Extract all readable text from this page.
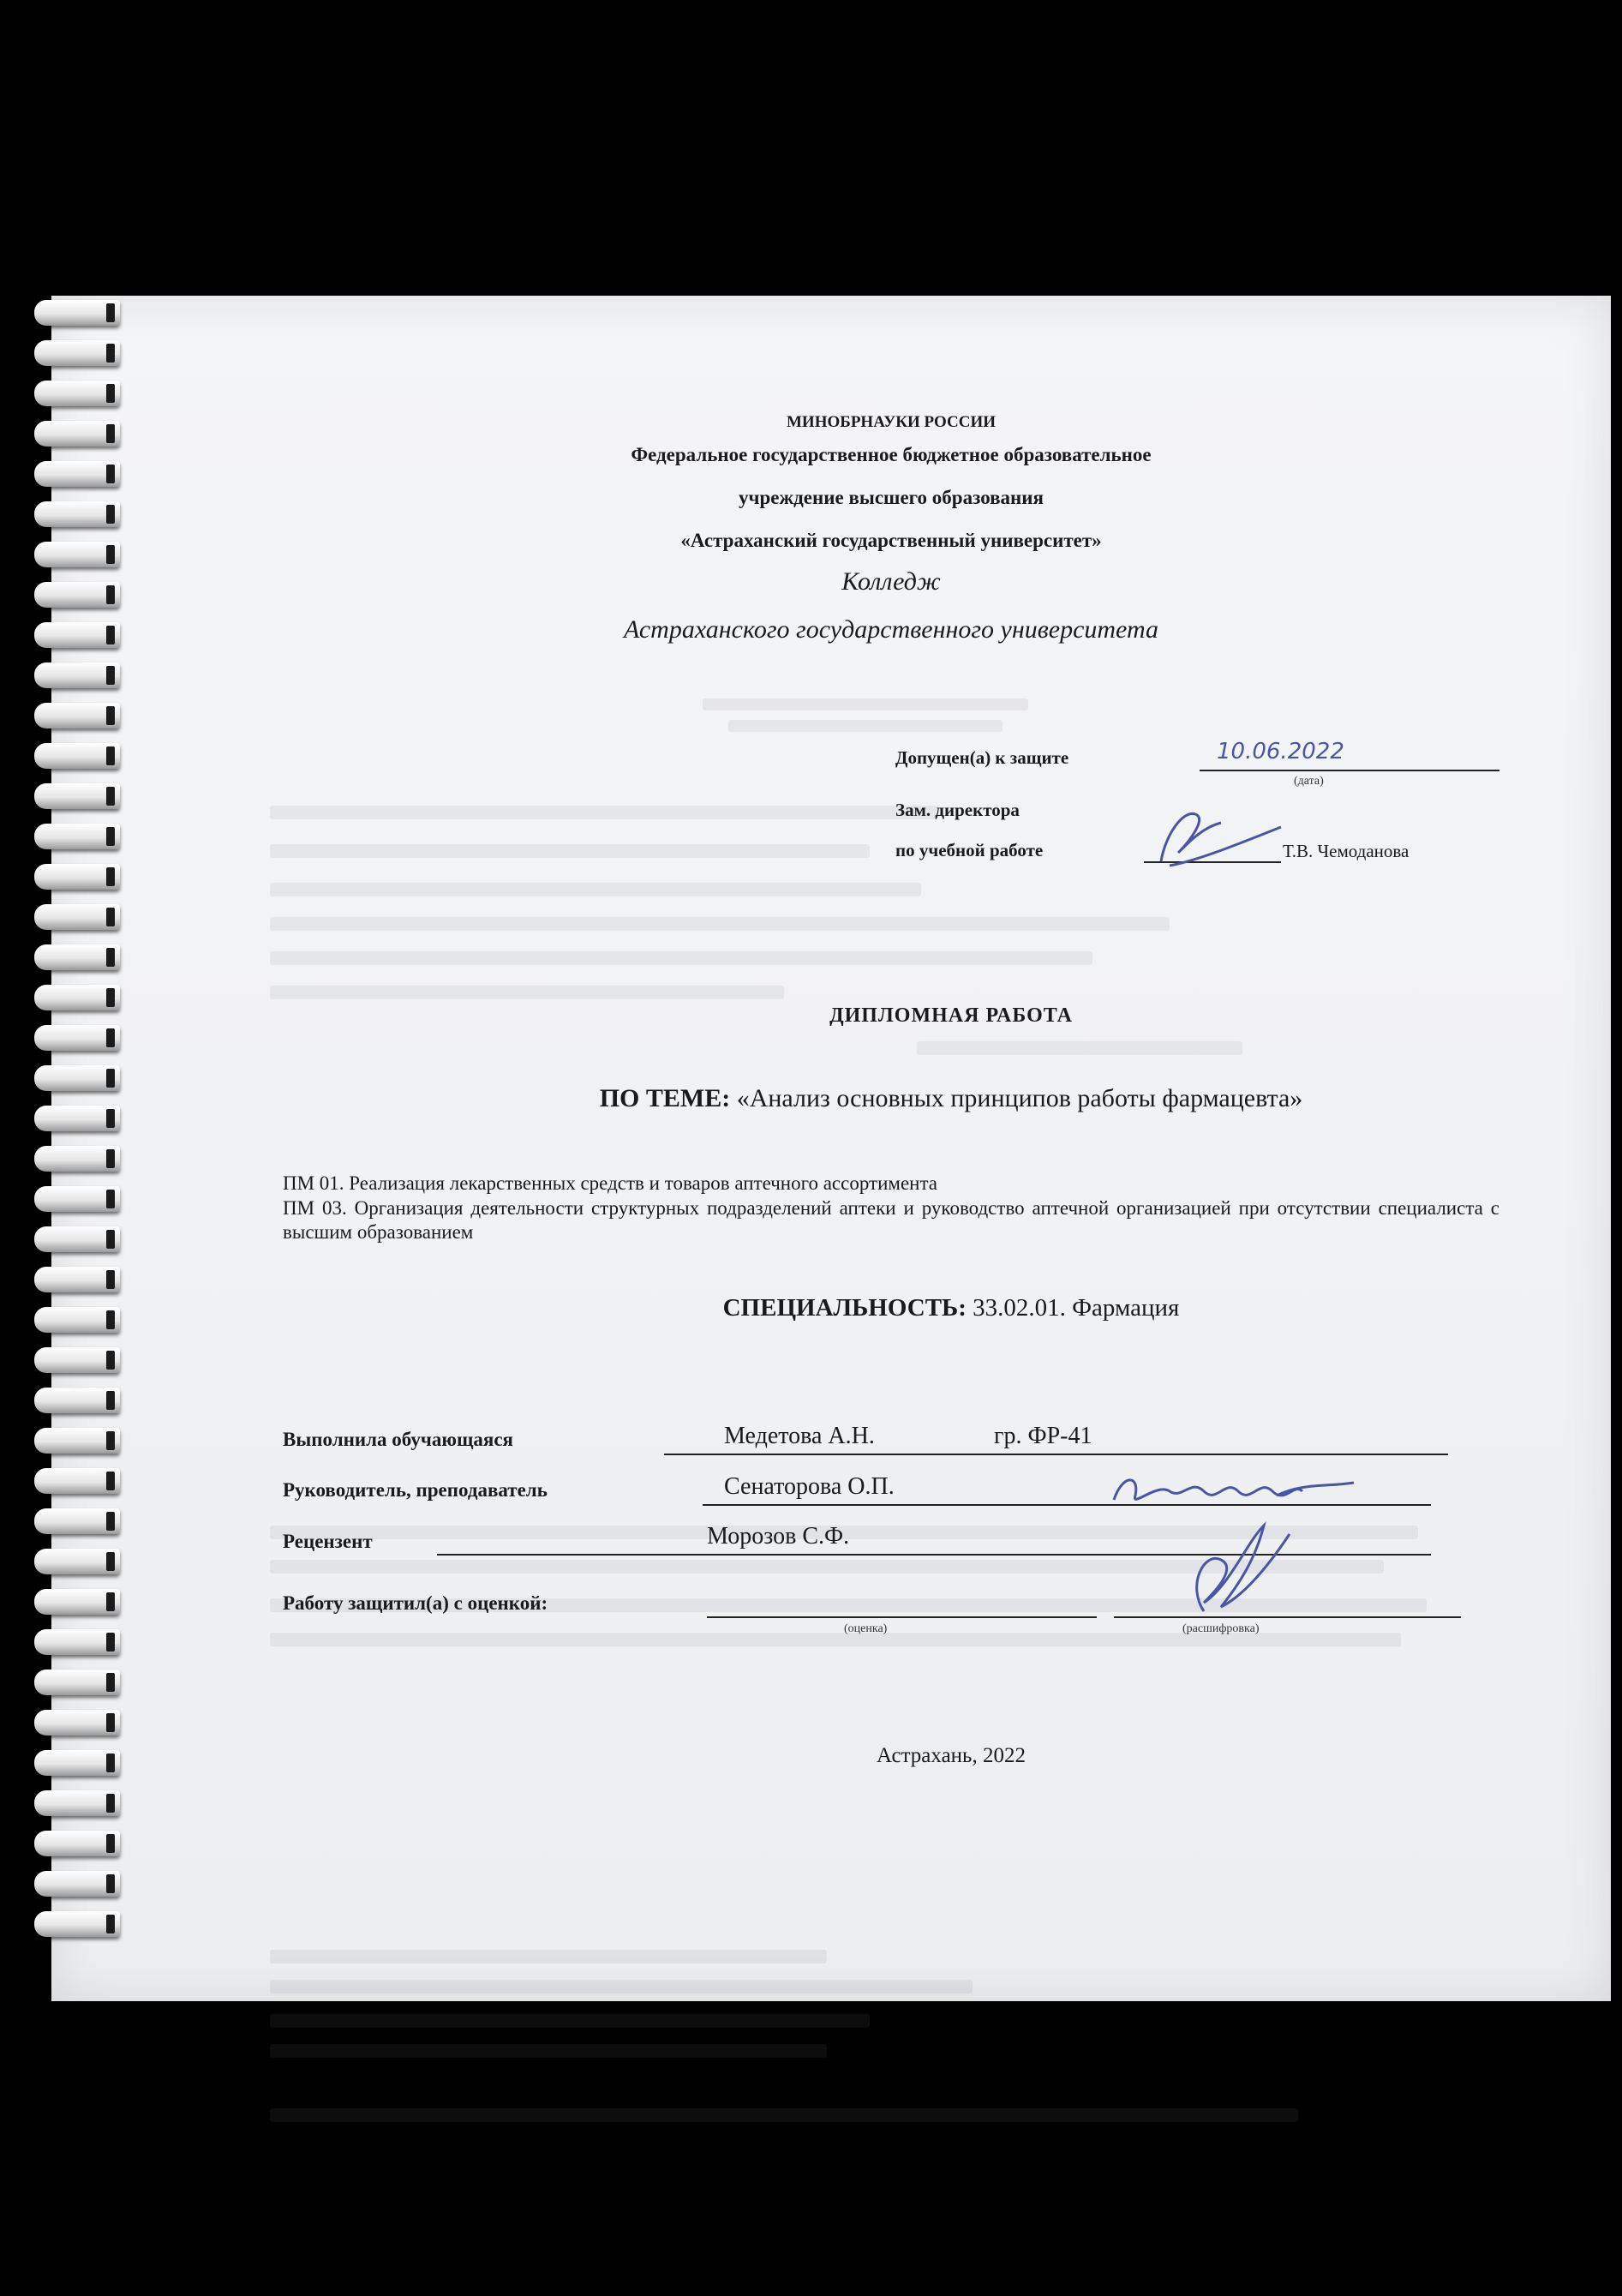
МИНОБРНАУКИ РОССИИ
Федеральное государственное бюджетное образовательное
учреждение высшего образования
«Астраханский государственный университет»
Колледж
Астраханского государственного университета
Допущен(а) к защите	10.06.2022
(дата)
Зам. директора
по учебной работе	Т.В. Чемоданова
ДИПЛОМНАЯ РАБОТА
ПО ТЕМЕ: «Анализ основных принципов работы фармацевта»
ПМ 01. Реализация лекарственных средств и товаров аптечного ассортимента
ПМ 03. Организация деятельности структурных подразделений аптеки и руководство аптечной организацией при отсутствии специалиста с высшим образованием
СПЕЦИАЛЬНОСТЬ: 33.02.01. Фармация
Выполнила обучающаяся	Медетова А.Н.	гр. ФР-41
Руководитель, преподаватель	Сенаторова О.П.
Рецензент	Морозов С.Ф.
Работу защитил(а) с оценкой:
(оценка)	(расшифровка)
Астрахань, 2022
